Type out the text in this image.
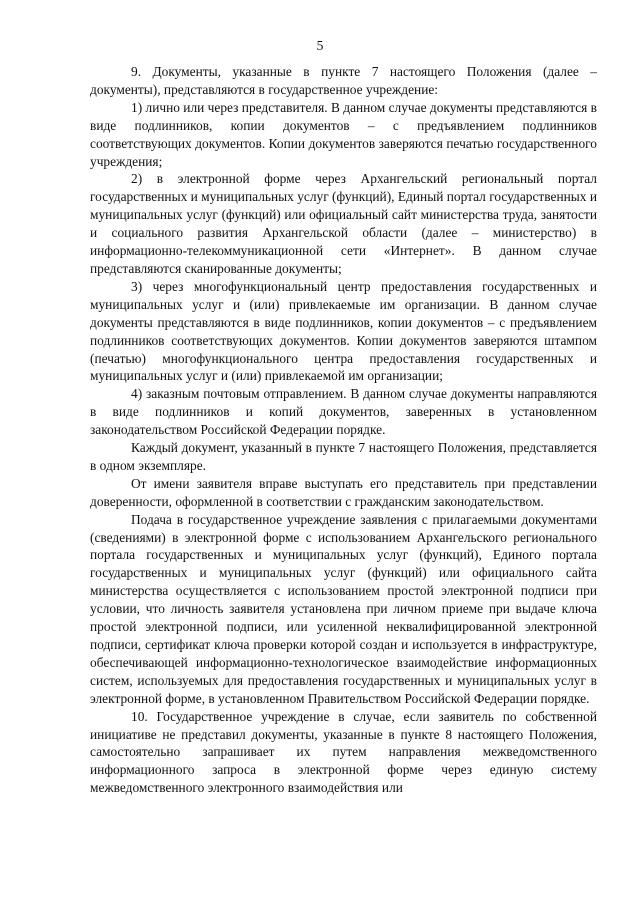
5

9. Документы, указанные в пункте 7 настоящего Положения (далее – документы), представляются в государственное учреждение:

1) лично или через представителя. В данном случае документы представляются в виде подлинников, копии документов – с предъявлением подлинников соответствующих документов. Копии документов заверяются печатью государственного учреждения;

2) в электронной форме через Архангельский региональный портал государственных и муниципальных услуг (функций), Единый портал государственных и муниципальных услуг (функций) или официальный сайт министерства труда, занятости и социального развития Архангельской области (далее – министерство) в информационно-телекоммуникационной сети «Интернет». В данном случае представляются сканированные документы;

3) через многофункциональный центр предоставления государственных и муниципальных услуг и (или) привлекаемые им организации. В данном случае документы представляются в виде подлинников, копии документов – с предъявлением подлинников соответствующих документов. Копии документов заверяются штампом (печатью) многофункционального центра предоставления государственных и муниципальных услуг и (или) привлекаемой им организации;

4) заказным почтовым отправлением. В данном случае документы направляются в виде подлинников и копий документов, заверенных в установленном законодательством Российской Федерации порядке.

Каждый документ, указанный в пункте 7 настоящего Положения, представляется в одном экземпляре.

От имени заявителя вправе выступать его представитель при представлении доверенности, оформленной в соответствии с гражданским законодательством.

Подача в государственное учреждение заявления с прилагаемыми документами (сведениями) в электронной форме с использованием Архангельского регионального портала государственных и муниципальных услуг (функций), Единого портала государственных и муниципальных услуг (функций) или официального сайта министерства осуществляется с использованием простой электронной подписи при условии, что личность заявителя установлена при личном приеме при выдаче ключа простой электронной подписи, или усиленной неквалифицированной электронной подписи, сертификат ключа проверки которой создан и используется в инфраструктуре, обеспечивающей информационно-технологическое взаимодействие информационных систем, используемых для предоставления государственных и муниципальных услуг в электронной форме, в установленном Правительством Российской Федерации порядке.

10. Государственное учреждение в случае, если заявитель по собственной инициативе не представил документы, указанные в пункте 8 настоящего Положения, самостоятельно запрашивает их путем направления межведомственного информационного запроса в электронной форме через единую систему межведомственного электронного взаимодействия или
